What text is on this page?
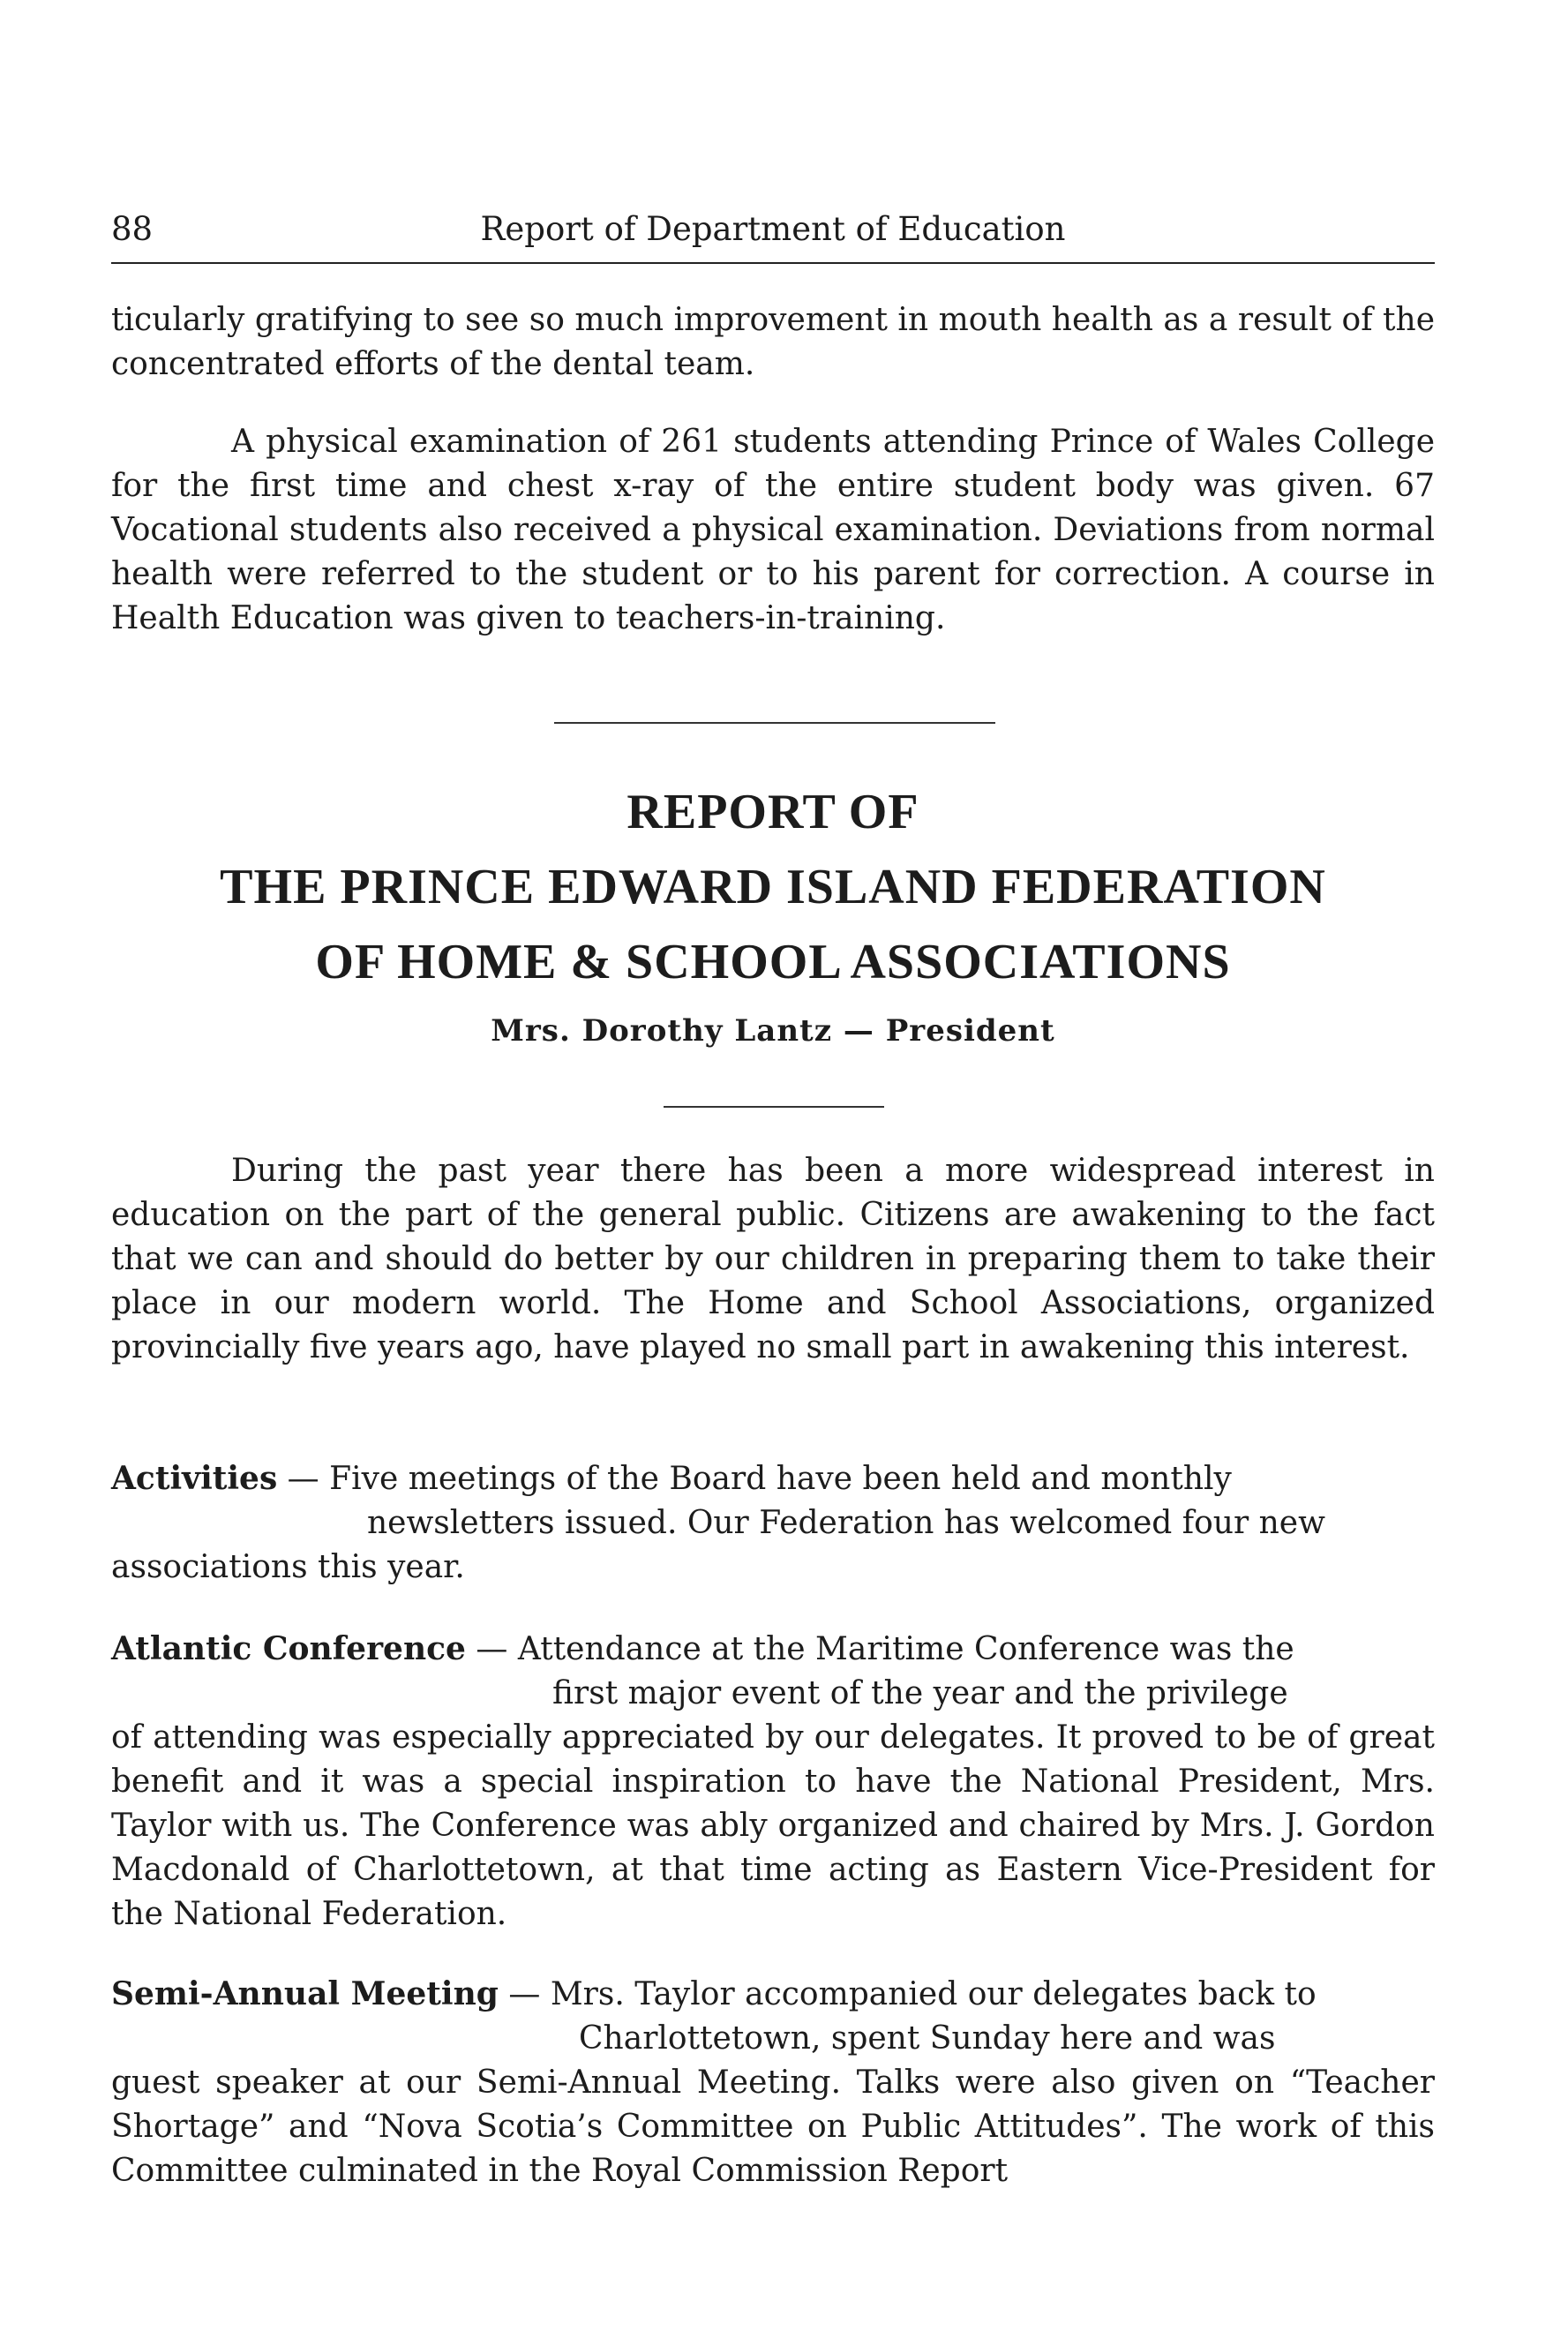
88	Report of Department of Education

ticularly gratifying to see so much improvement in mouth health as a result of the concentrated efforts of the dental team.

A physical examination of 261 students attending Prince of Wales College for the first time and chest x-ray of the entire student body was given. 67 Vocational students also received a physical examination. Deviations from normal health were referred to the student or to his parent for correction. A course in Health Education was given to teachers-in-training.

REPORT OF
THE PRINCE EDWARD ISLAND FEDERATION
OF HOME & SCHOOL ASSOCIATIONS
Mrs. Dorothy Lantz — President

During the past year there has been a more widespread interest in education on the part of the general public. Citizens are awakening to the fact that we can and should do better by our children in preparing them to take their place in our modern world. The Home and School Associations, organized provincially five years ago, have played no small part in awakening this interest.

Activities — Five meetings of the Board have been held and monthly
newsletters issued. Our Federation has welcomed four new
associations this year.
Atlantic Conference — Attendance at the Maritime Conference was the
first major event of the year and the privilege
of attending was especially appreciated by our delegates. It proved to be of great benefit and it was a special inspiration to have the National President, Mrs. Taylor with us. The Conference was ably organized and chaired by Mrs. J. Gordon Macdonald of Charlottetown, at that time acting as Eastern Vice-President for the National Federation.
Semi-Annual Meeting — Mrs. Taylor accompanied our delegates back to
Charlottetown, spent Sunday here and was
guest speaker at our Semi-Annual Meeting. Talks were also given on “Teacher Shortage” and “Nova Scotia’s Committee on Public Attitudes”. The work of this Committee culminated in the Royal Commission Report
